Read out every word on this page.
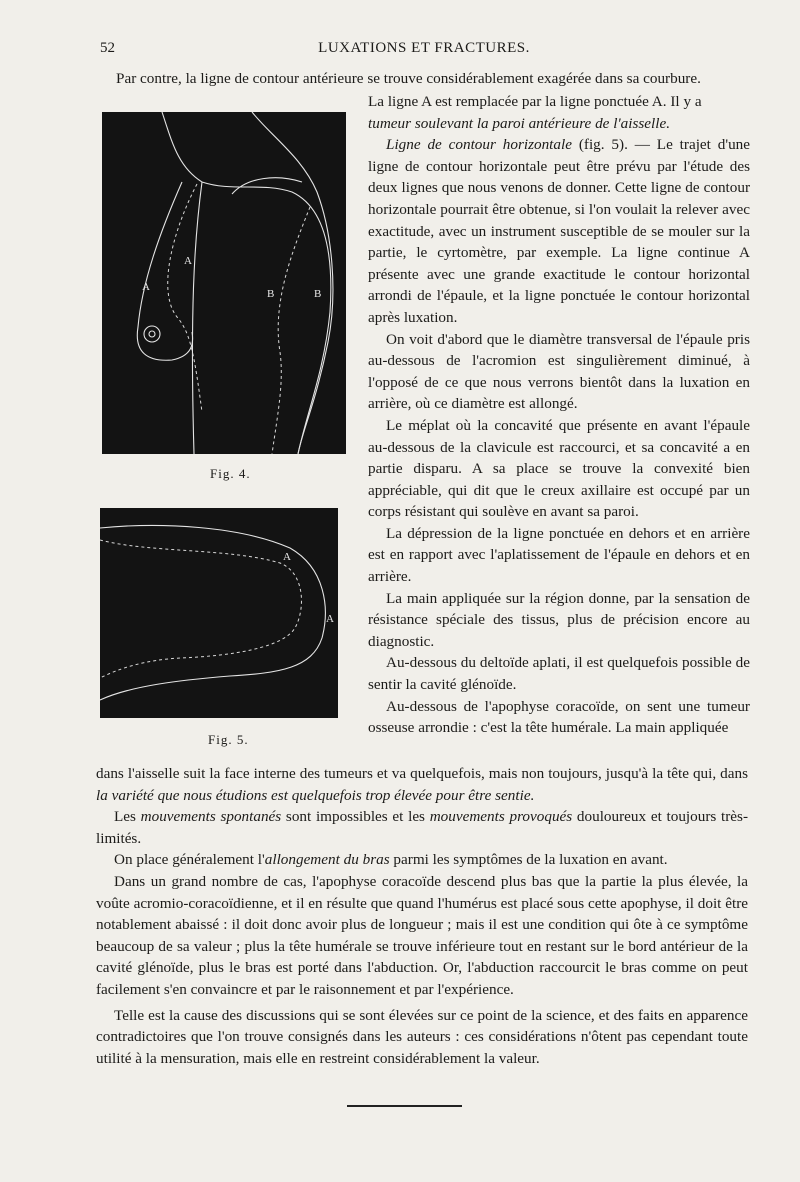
52	LUXATIONS ET FRACTURES.
Par contre, la ligne de contour antérieure se trouve considérablement exagérée dans sa courbure.
A
A
B	B
Fig. 4.
A
A
Fig. 5.

La ligne A est remplacée par la ligne ponctuée A. Il y a
tumeur soulevant la paroi antérieure de l'aisselle.

Ligne de contour horizontale (fig. 5). — Le trajet d'une ligne de contour horizontale peut être prévu par l'étude des deux lignes que nous venons de donner. Cette ligne de contour horizontale pourrait être obtenue, si l'on voulait la relever avec exactitude, avec un instrument susceptible de se mouler sur la partie, le cyrtomètre, par exemple. La ligne continue A présente avec une grande exactitude le contour horizontal arrondi de l'épaule, et la ligne ponctuée le contour horizontal après luxation.

On voit d'abord que le diamètre transversal de l'épaule pris au-dessous de l'acromion est singulièrement diminué, à l'opposé de ce que nous verrons bientôt dans la luxation en arrière, où ce diamètre est allongé.

Le méplat où la concavité que présente en avant l'épaule au-dessous de la clavicule est raccourci, et sa concavité a en partie disparu. A sa place se trouve la convexité bien appréciable, qui dit que le creux axillaire est occupé par un corps résistant qui soulève en avant sa paroi.

La dépression de la ligne ponctuée en dehors et en arrière est en rapport avec l'aplatissement de l'épaule en dehors et en arrière.

La main appliquée sur la région donne, par la sensation de résistance spéciale des tissus, plus de précision encore au diagnostic.

Au-dessous du deltoïde aplati, il est quelquefois possible de sentir la cavité glénoïde.

Au-dessous de l'apophyse coracoïde, on sent une tumeur osseuse arrondie : c'est la tête humérale. La main appliquée

dans l'aisselle suit la face interne des tumeurs et va quelquefois, mais non toujours, jusqu'à la tête qui, dans la variété que nous étudions est quelquefois trop élevée pour être sentie.

Les mouvements spontanés sont impossibles et les mouvements provoqués douloureux et toujours très-limités.

On place généralement l'allongement du bras parmi les symptômes de la luxation en avant.

Dans un grand nombre de cas, l'apophyse coracoïde descend plus bas que la partie la plus élevée, la voûte acromio-coracoïdienne, et il en résulte que quand l'humérus est placé sous cette apophyse, il doit être notablement abaissé : il doit donc avoir plus de longueur ; mais il est une condition qui ôte à ce symptôme beaucoup de sa valeur ; plus la tête humérale se trouve inférieure tout en restant sur le bord antérieur de la cavité glénoïde, plus le bras est porté dans l'abduction. Or, l'abduction raccourcit le bras comme on peut facilement s'en convaincre et par le raisonnement et par l'expérience.

Telle est la cause des discussions qui se sont élevées sur ce point de la science, et des faits en apparence contradictoires que l'on trouve consignés dans les auteurs : ces considérations n'ôtent pas cependant toute utilité à la mensuration, mais elle en restreint considérablement la valeur.
